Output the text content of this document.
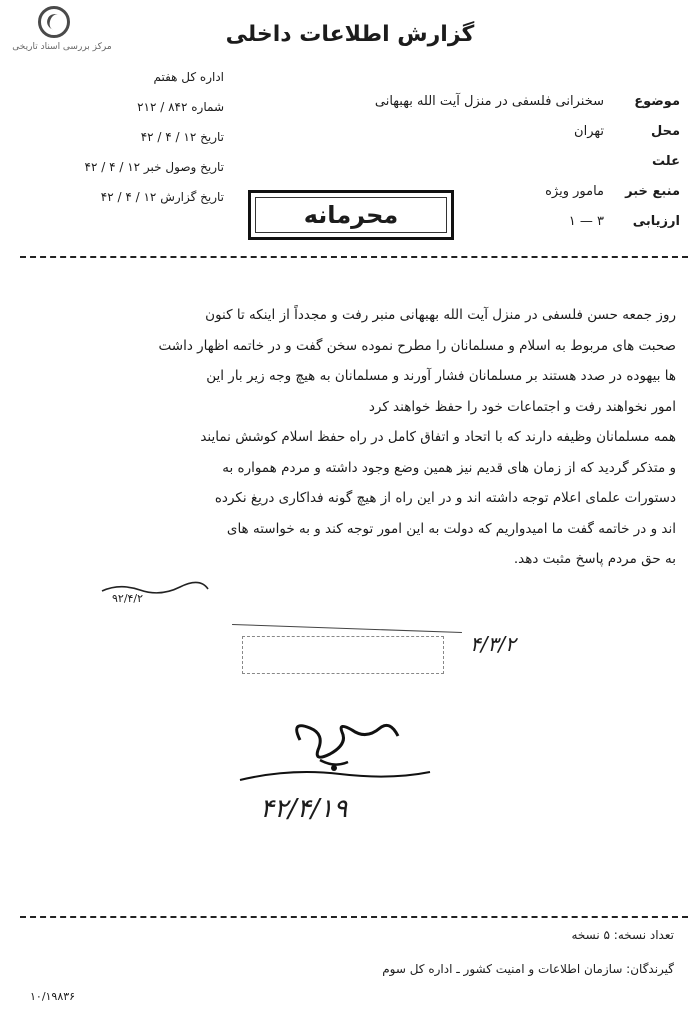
مرکز بررسی اسناد تاریخی	گزارش اطلاعات داخلی
اداره کل هفتم
شماره ۸۴۲ / ۲۱۲
تاریخ ۱۲ / ۴ / ۴۲
تاریخ وصول خبر ۱۲ / ۴ / ۴۲
تاریخ گزارش ۱۲ / ۴ / ۴۲
موضوع
سخنرانی فلسفی در منزل آیت الله بهبهانی
محل
تهران
علت
منبع خبر
مامور ویژه
ارزیابی
۳ — ۱
محرمانه

روز جمعه حسن فلسفی در منزل آیت الله بهبهانی منبر رفت و مجدداً از اینکه تا کنون

صحبت های مربوط به اسلام و مسلمانان را مطرح نموده سخن گفت و در خاتمه اظهار داشت

ها بیهوده در صدد هستند بر مسلمانان فشار آورند و مسلمانان به هیچ وجه زیر بار این

امور نخواهند رفت و اجتماعات خود را حفظ خواهند کرد

همه مسلمانان وظیفه دارند که با اتحاد و اتفاق کامل در راه حفظ اسلام کوشش نمایند

و متذکر گردید که از زمان های قدیم نیز همین وضع وجود داشته و مردم همواره به

دستورات علمای اعلام توجه داشته اند و در این راه از هیچ گونه فداکاری دریغ نکرده

اند و در خاتمه گفت ما امیدواریم که دولت به این امور توجه کند و به خواسته های

به حق مردم پاسخ مثبت دهد.

۹۲/۴/۲
۴/۳/۲
۴۲/۴/۱۹
تعداد نسخه: ۵ نسخه
گیرندگان: سازمان اطلاعات و امنیت کشور ـ اداره کل سوم
۱۰/۱۹۸۳۶
